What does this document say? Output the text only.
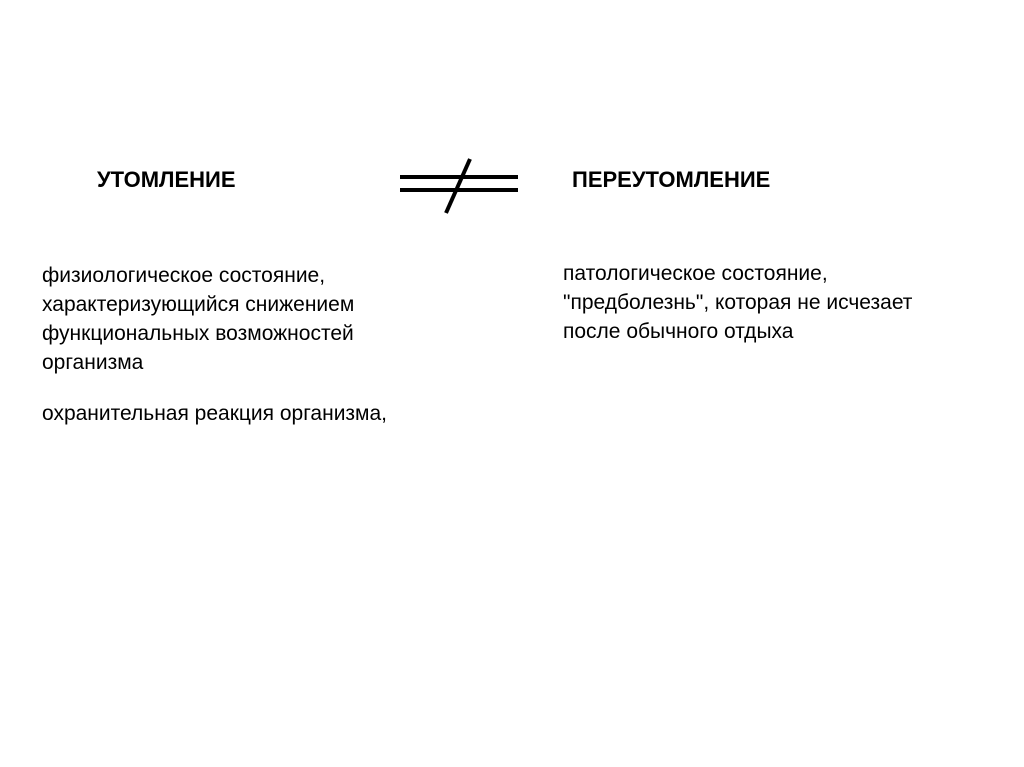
УТОМЛЕНИЕ	ПЕРЕУТОМЛЕНИЕ
физиологическое состояние,
характеризующийся снижением
функциональных возможностей
организма
охранительная реакция организма,
патологическое состояние,
"предболезнь", которая не исчезает
после обычного отдыха
